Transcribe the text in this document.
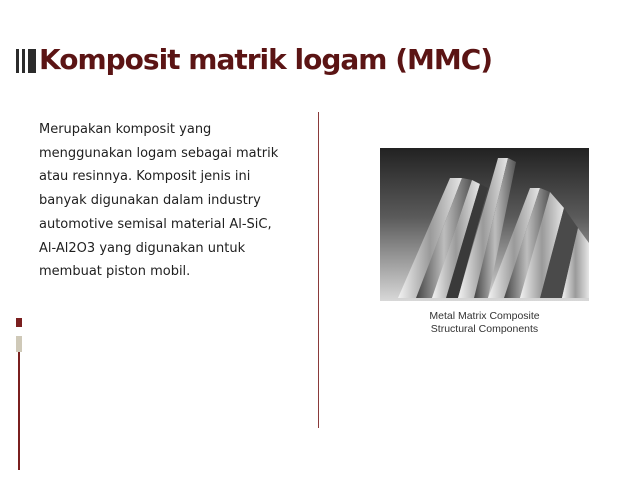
Komposit matrik logam (MMC)

Merupakan komposit yang
menggunakan logam sebagai matrik
atau resinnya. Komposit jenis ini
banyak digunakan dalam industry
automotive semisal material Al-SiC,
Al-Al2O3 yang digunakan untuk
membuat piston mobil.

Metal Matrix Composite
Structural Components
